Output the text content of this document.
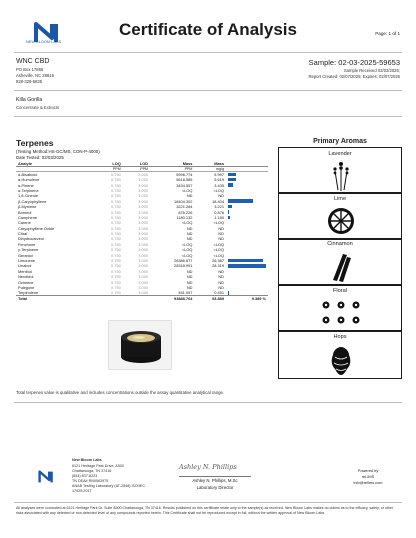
NEW BLOOM LABS
Certificate of Analysis	Page: 1 of 1
WNC CBD
PO Box 17865
Asheville, NC 28816
828-329-5835
Sample: 02-03-2025-59653
Sample Received 02/03/2025;
Report Created: 02/07/2025; Expires: 02/07/2026
Killa Gorilla
Concentrate & Extracts
Terpenes
(Testing Method:HS-GC/MS, CON-P-4000)
Date Tested: 02/03/2025
Analyte	LOQ	LOD	Mass	Mass	
	PPM	PPM	PPM	mg/g	
α-Bisabolol	0.750	3.000	5996.774	5.997	

α-Humulene	0.750	3.000	5618.585	5.619	

α-Pinene	0.750	3.000	3434.557	3.435	

α-Terpinene	0.750	3.000	<LOQ	<LOQ	
1,8-Cineole	0.750	3.000	ND	ND	
β-Caryophyllene	0.750	3.000	18404.302	18.404	

β-Myrcene	0.750	3.000	3221.264	3.221	

Borneol	0.750	3.000	876.226	0.876	

Camphene	0.750	3.000	1180.132	1.180	

Carene	0.750	3.000	<LOQ	<LOQ	
Caryophyllene Oxide	0.750	3.000	ND	ND	
Citral	0.750	3.000	ND	ND	
Dihydrocarveol	0.750	3.000	ND	ND	
Fenchone	0.750	3.000	<LOQ	<LOQ	
γ-Terpinene	0.750	3.000	<LOQ	<LOQ	
Geraniol	0.750	3.000	<LOQ	<LOQ	
Limonene	0.750	3.000	26386.877	26.387	

Linalool	0.750	3.000	28318.991	28.319	

Menthol	0.750	3.000	ND	ND	
Nerolidol	0.750	3.000	ND	ND	
Ocimene	0.750	3.000	ND	ND	
Pulegone	0.750	3.000	ND	ND	
Terpinolene	0.750	3.000	451.057	0.451	

Total			93888.764	93.889	9.389 %
Total terpenes value is qualitative and includes concentrations outside the assay quantitative analytical range.
Primary Aromas
Lavender
Lime
Cinnamon
Floral
Hops
New Bloom Labs
6121 Heritage Park Drive, A500
Chattanooga, TN 37416
(844) 837-8223
TN DEA# RN0563975
ANAB Testing Laboratory (AT-2848) ISO/IEC
17025:2017
Ashley N. Phillips
Ashley N. Phillips, M.Sc
Laboratory Director
Powered by
reLIMS
info@relims.com
All analyses were conducted at 6121 Heritage Park Dr. Suite A500 Chattanooga, TN 37416. Results published on this certificate relate only to the sample(s) as received. New Bloom Labs makes no claims as to the efficacy, safety, or other risks associated with any detected or non-detected level of any compounds reported herein. This Certificate shall not be reproduced except in full, without the written approval of New Bloom Labs.
